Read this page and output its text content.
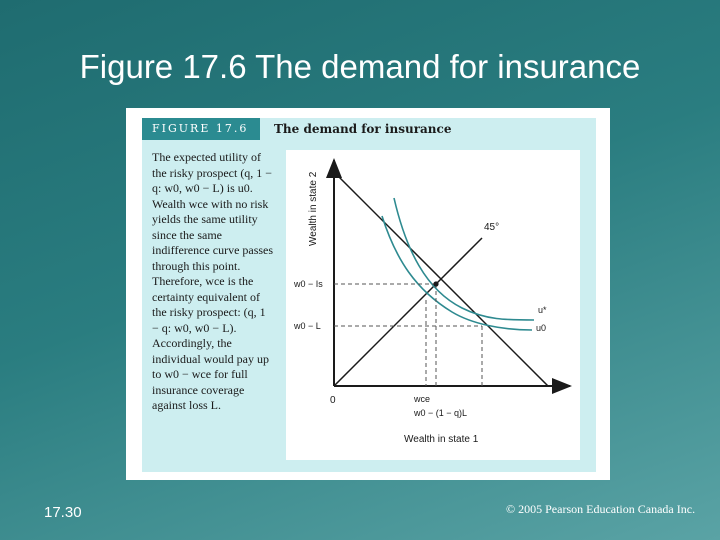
Figure 17.6 The demand for insurance
FIGURE 17.6	The demand for insurance
The expected utility of the risky prospect (q, 1 − q: w0, w0 − L) is u0. Wealth wce with no risk yields the same utility since the same indifference curve passes through this point. Therefore, wce is the certainty equivalent of the risky prospect: (q, 1 − q: w0, w0 − L). Accordingly, the individual would pay up to w0 − wce for full insurance coverage against loss L.
Wealth in state 2
Wealth in state 1
0
45°
w0 − Is
w0 − L
wce
w0 − (1 − q)L
u*
u0
17.30	© 2005 Pearson Education Canada Inc.
